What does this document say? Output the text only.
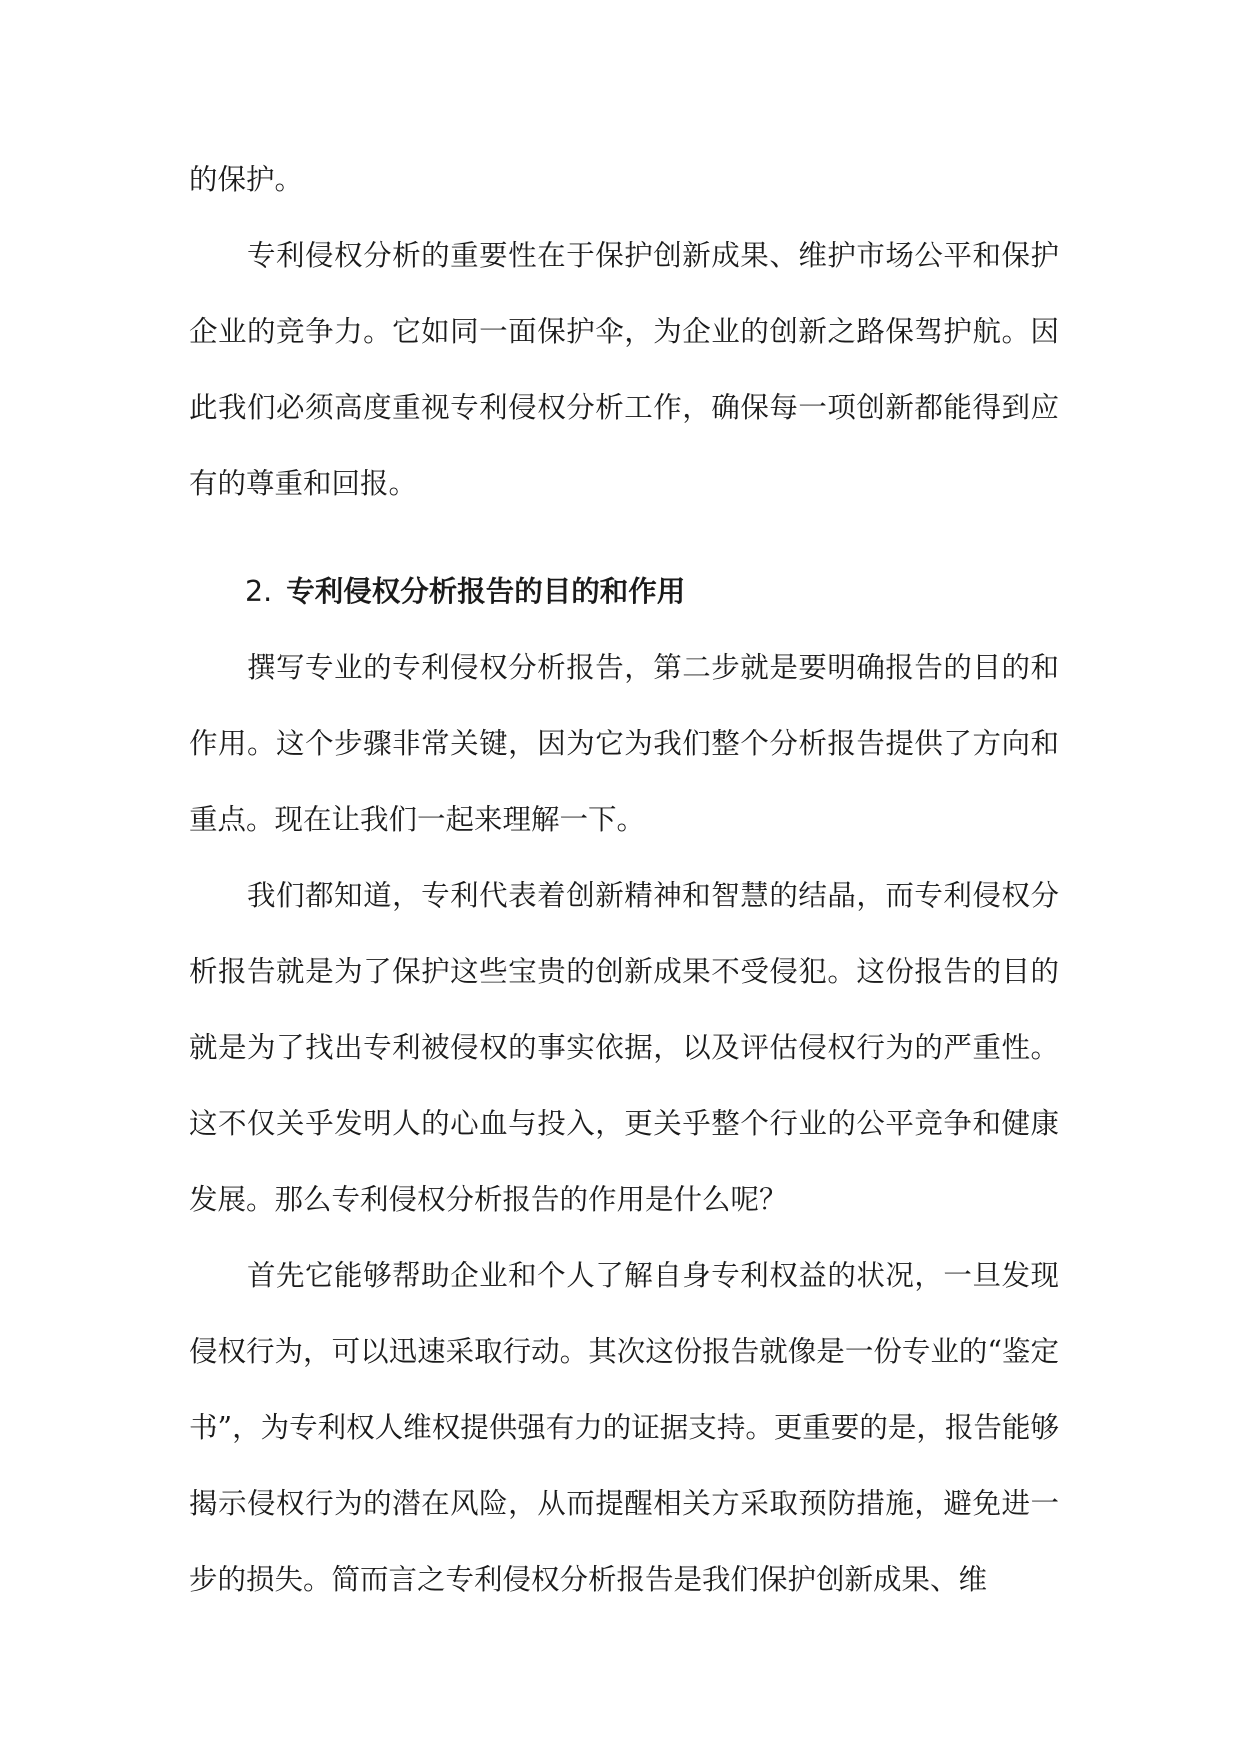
的保护。

专利侵权分析的重要性在于保护创新成果、维护市场公平和保护企业的竞争力。它如同一面保护伞，为企业的创新之路保驾护航。因此我们必须高度重视专利侵权分析工作，确保每一项创新都能得到应有的尊重和回报。

2. 专利侵权分析报告的目的和作用

撰写专业的专利侵权分析报告，第二步就是要明确报告的目的和作用。这个步骤非常关键，因为它为我们整个分析报告提供了方向和重点。现在让我们一起来理解一下。

我们都知道，专利代表着创新精神和智慧的结晶，而专利侵权分析报告就是为了保护这些宝贵的创新成果不受侵犯。这份报告的目的就是为了找出专利被侵权的事实依据，以及评估侵权行为的严重性。这不仅关乎发明人的心血与投入，更关乎整个行业的公平竞争和健康发展。那么专利侵权分析报告的作用是什么呢？

首先它能够帮助企业和个人了解自身专利权益的状况，一旦发现侵权行为，可以迅速采取行动。其次这份报告就像是一份专业的“鉴定书”，为专利权人维权提供强有力的证据支持。更重要的是，报告能够揭示侵权行为的潜在风险，从而提醒相关方采取预防措施，避免进一步的损失。简而言之专利侵权分析报告是我们保护创新成果、维
